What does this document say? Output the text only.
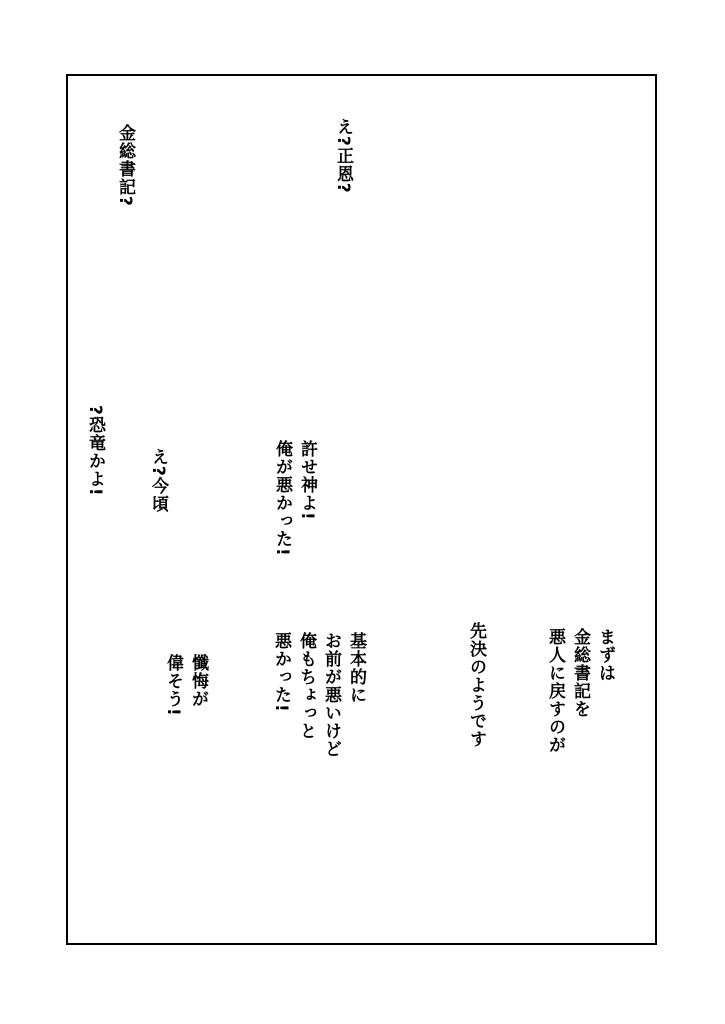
金総書記?	え?正恩?
?恐竜かよ!	え?今頃	許せ神よ!
俺が悪かった!
懺悔が
偉そう!	基本的に
お前が悪いけど
俺もちょっと
悪かった!	先決のようです	まずは
金総書記を
悪人に戻すのが
